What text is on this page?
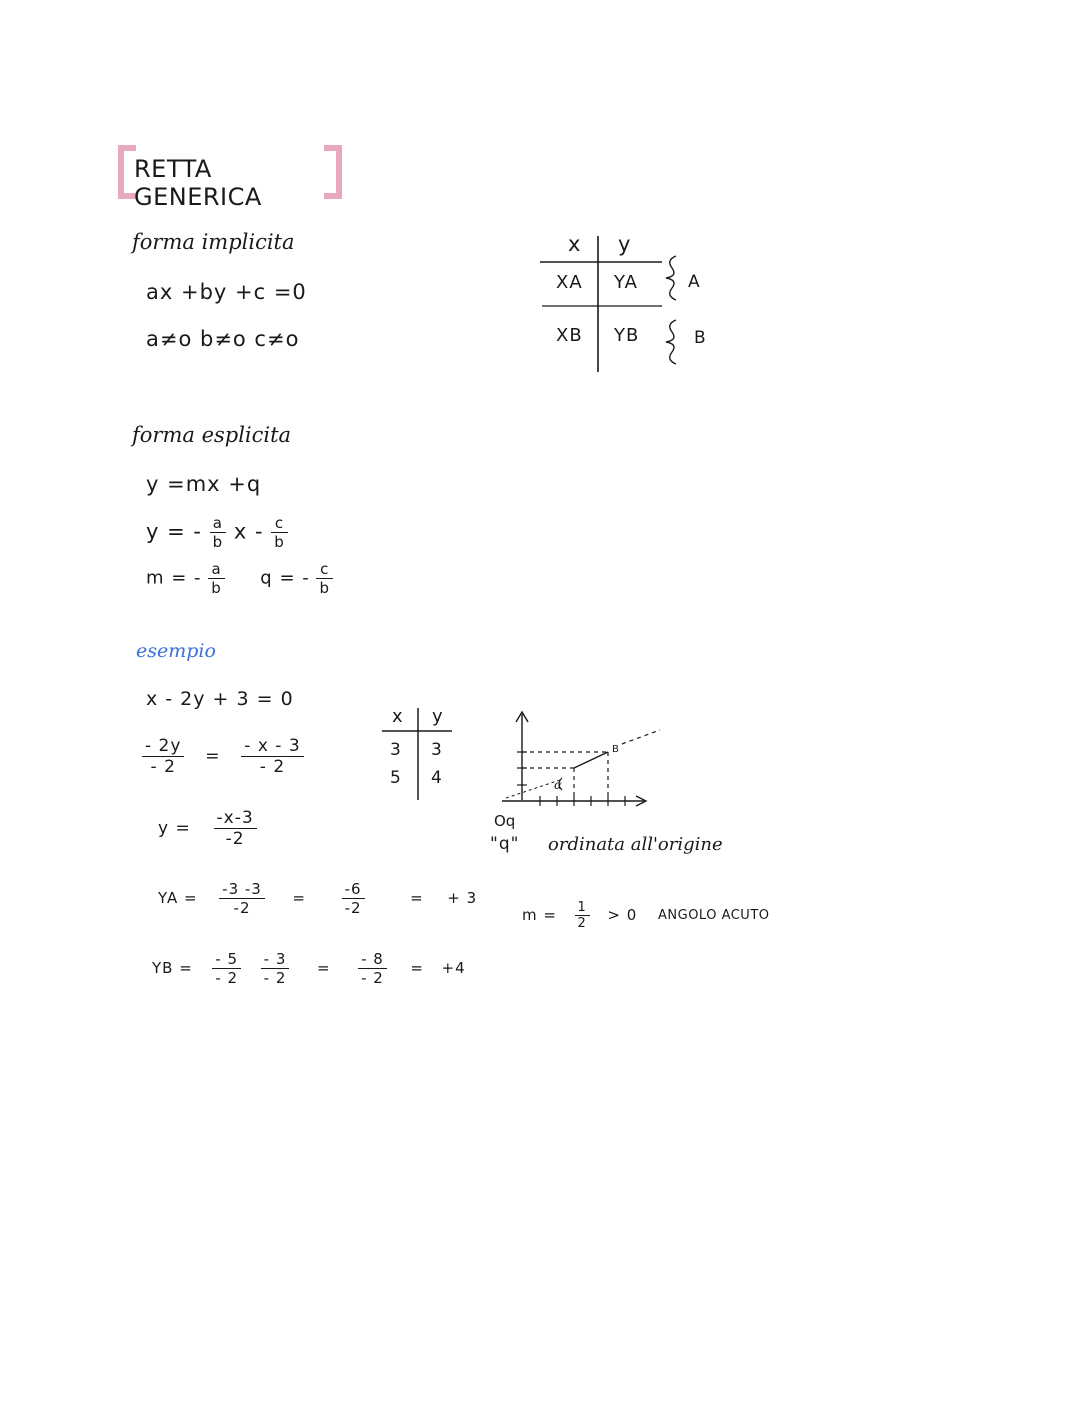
RETTA GENERICA
forma implicita
ax +by +c =0
a≠o b≠o c≠o
x y
XA YA	A
XB YB	B
forma esplicita
y =mx +q
y = - $\frac{a}{b}$ x - $\frac{c}{b}$
m = - $\frac{a}{b}$ q = - $\frac{c}{b}$
esempio
x - 2y + 3 = 0
$\frac{- 2y}{- 2} = \frac{- x - 3}{- 2}$
$y = \frac{-x-3}{-2}$
YA = $\frac{-3 -3}{-2} = \frac{-6}{-2}$	= + 3
YB = $\frac{- 5}{- 2}$
$\frac{- 3}{- 2} = \frac{- 8}{- 2} = +4$
x y
3 3
5 4
B
α
Oq
"q" ordinata all'origine
$m = \frac{1}{2} > 0$ ANGOLO ACUTO
